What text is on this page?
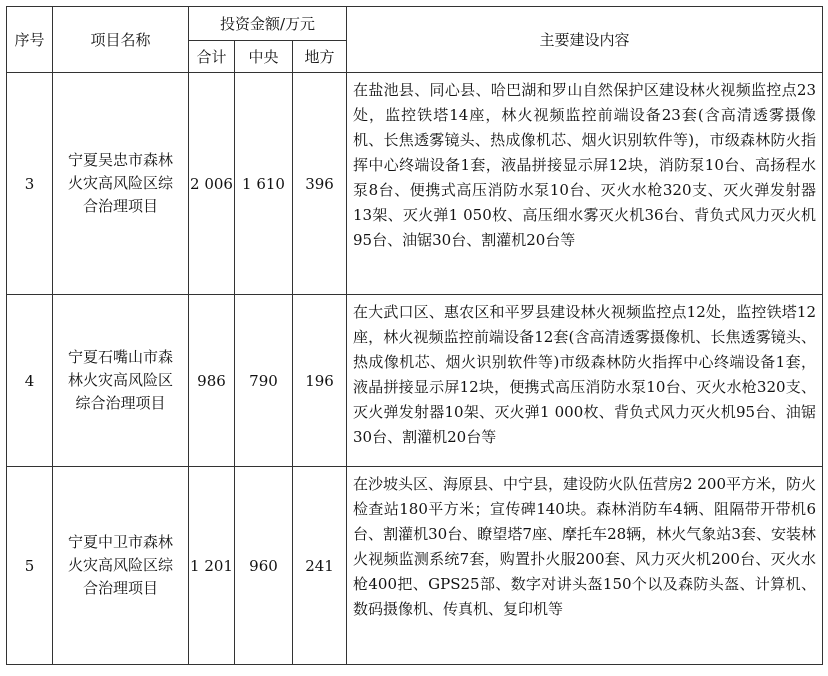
序号	项目名称	投资金额/万元			主要建设内容
		合计	中央	地方	
3	宁夏吴忠市森林火灾高风险区综合治理项目	2 006	1 610	396	在盐池县、同心县、哈巴湖和罗山自然保护区建设林火视频监控点23处，监控铁塔14座，林火视频监控前端设备23套(含高清透雾摄像机、长焦透雾镜头、热成像机芯、烟火识别软件等)，市级森林防火指挥中心终端设备1套，液晶拼接显示屏12块，消防泵10台、高扬程水泵8台、便携式高压消防水泵10台、灭火水枪320支、灭火弹发射器13架、灭火弹1 050枚、高压细水雾灭火机36台、背负式风力灭火机95台、油锯30台、割灌机20台等
4	宁夏石嘴山市森林火灾高风险区综合治理项目	986	790	196	在大武口区、惠农区和平罗县建设林火视频监控点12处，监控铁塔12座，林火视频监控前端设备12套(含高清透雾摄像机、长焦透雾镜头、热成像机芯、烟火识别软件等)市级森林防火指挥中心终端设备1套，液晶拼接显示屏12块，便携式高压消防水泵10台、灭火水枪320支、灭火弹发射器10架、灭火弹1 000枚、背负式风力灭火机95台、油锯30台、割灌机20台等
5	宁夏中卫市森林火灾高风险区综合治理项目	1 201	960	241	在沙坡头区、海原县、中宁县，建设防火队伍营房2 200平方米，防火检查站180平方米；宣传碑140块。森林消防车4辆、阻隔带开带机6台、割灌机30台、瞭望塔7座、摩托车28辆，林火气象站3套、安装林火视频监测系统7套，购置扑火服200套、风力灭火机200台、灭火水枪400把、GPS25部、数字对讲头盔150个以及森防头盔、计算机、数码摄像机、传真机、复印机等
